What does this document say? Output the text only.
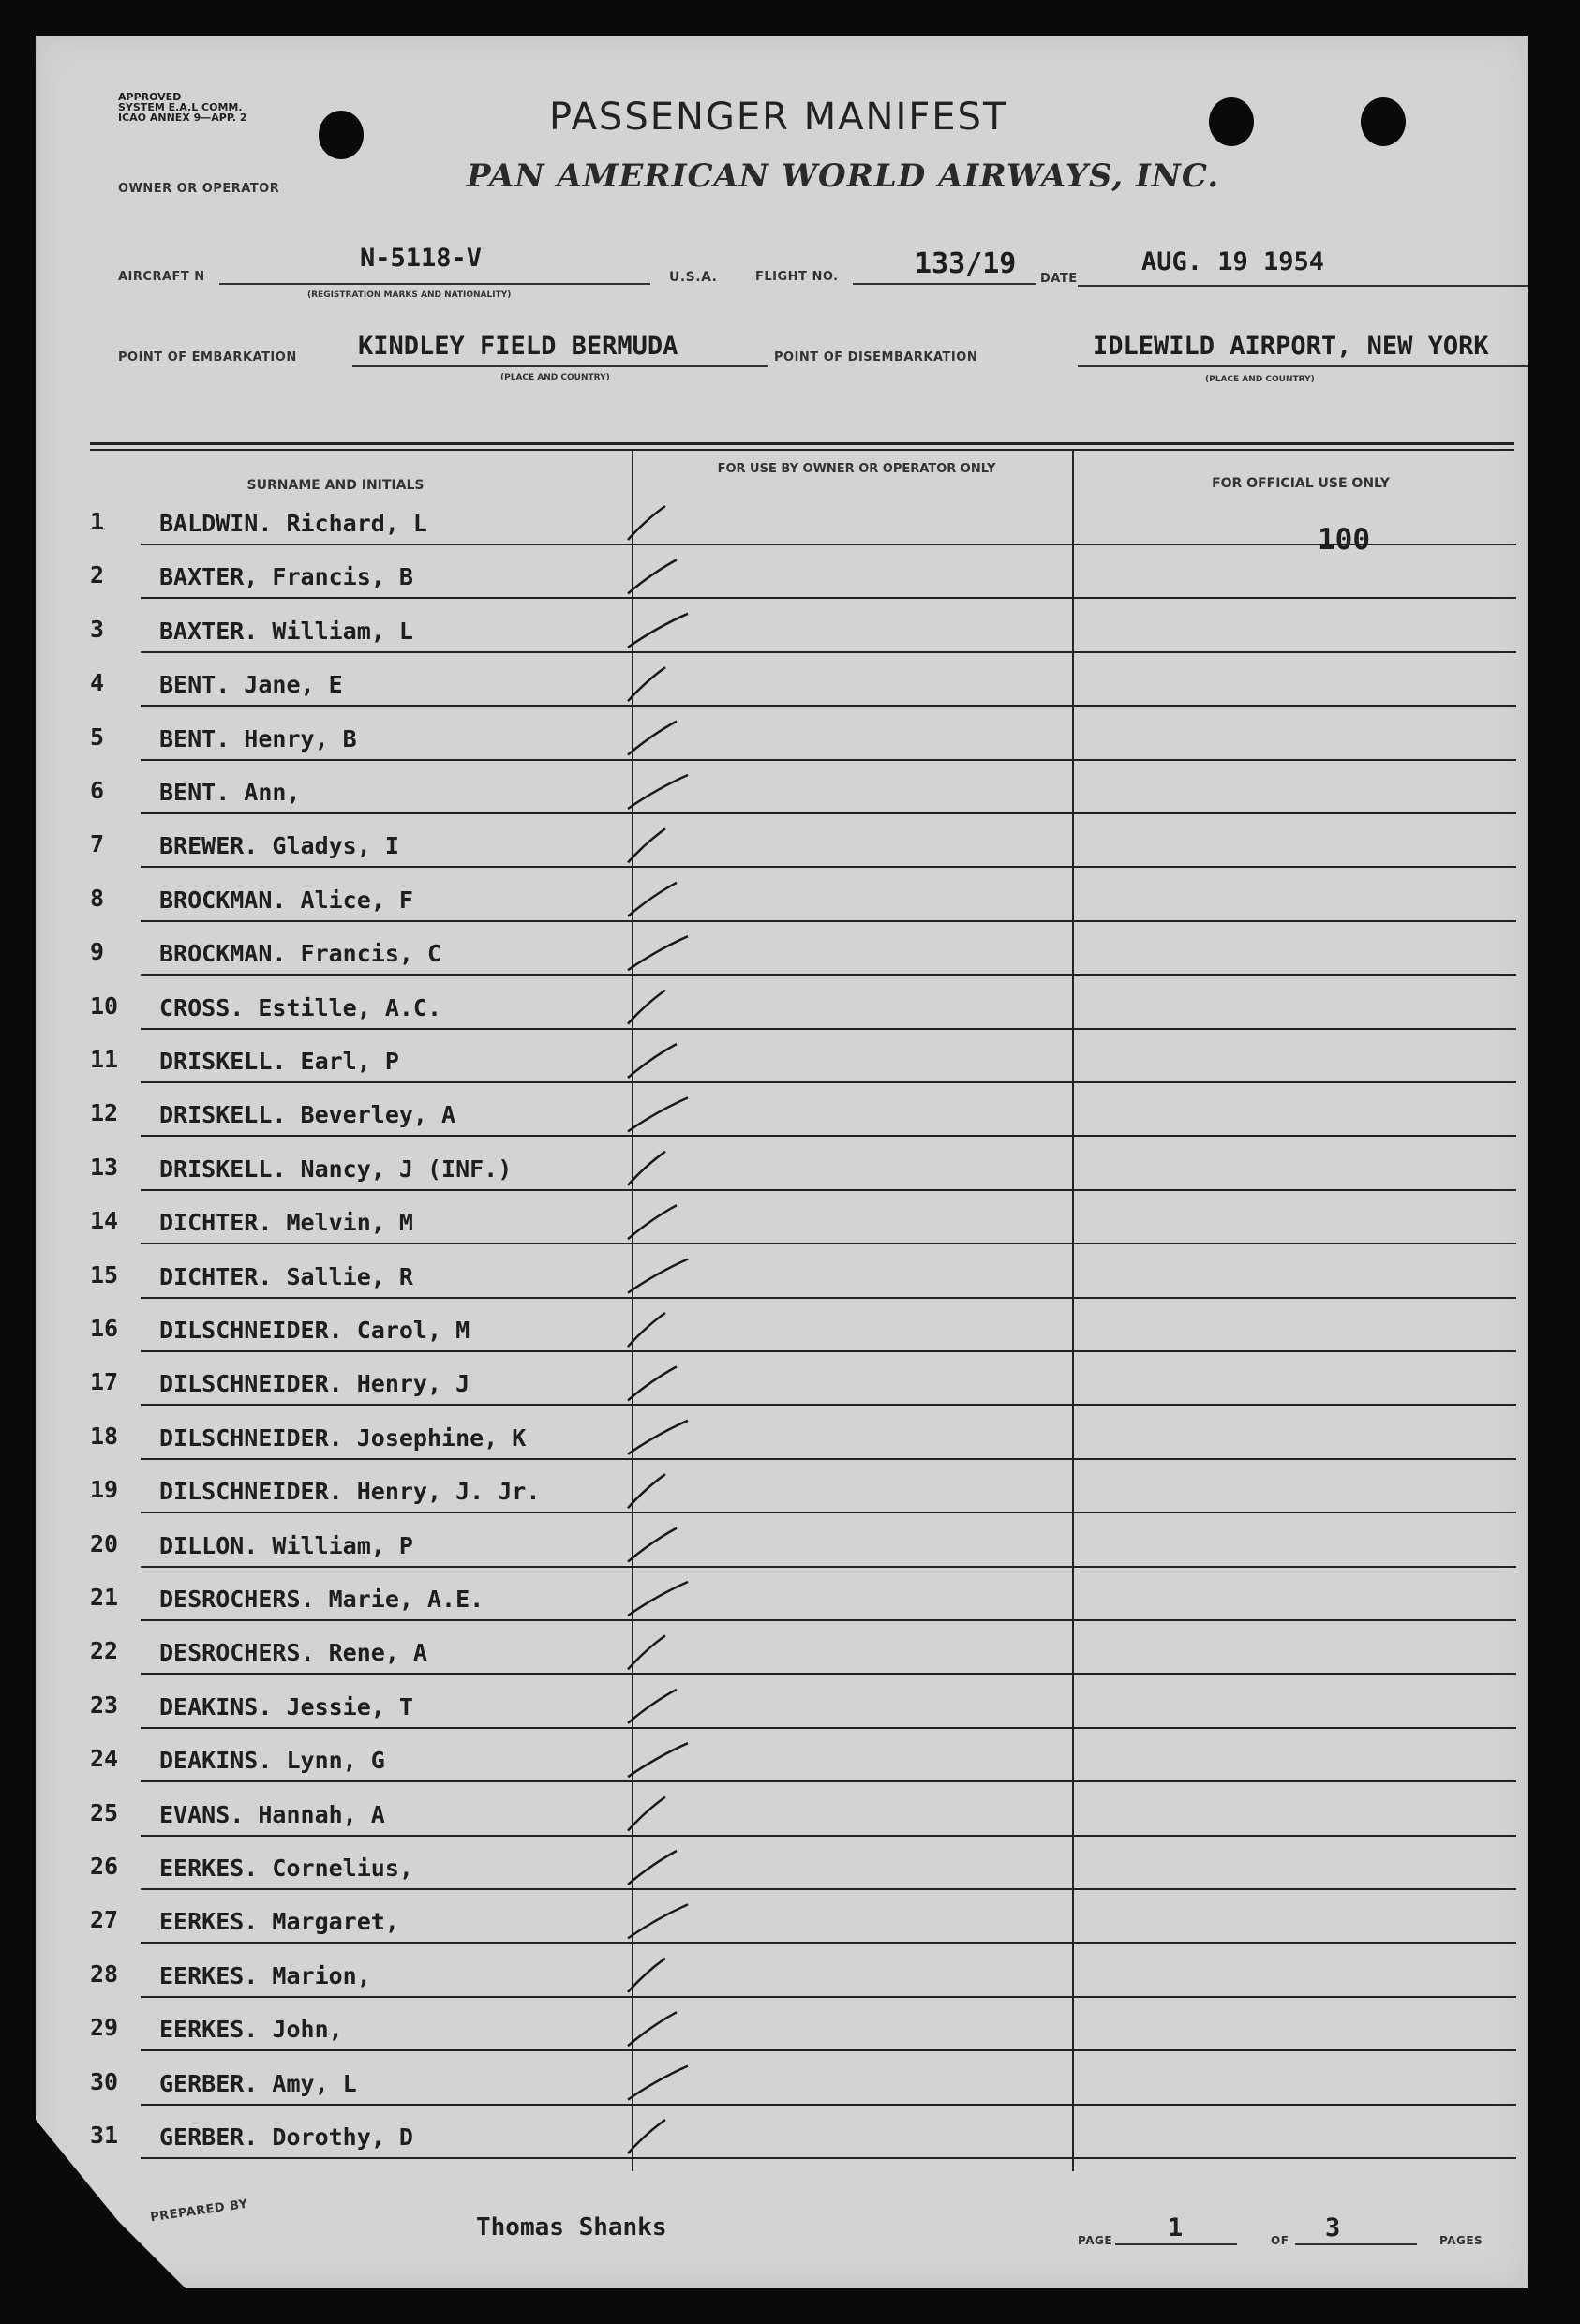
APPROVED
SYSTEM E.A.L COMM.
ICAO ANNEX 9—APP. 2	PASSENGER MANIFEST
OWNER OR OPERATOR	PAN AMERICAN WORLD AIRWAYS, INC.
AIRCRAFT N
N-5118-V
(REGISTRATION MARKS AND NATIONALITY)
U.S.A.	FLIGHT NO.	133/19 DATE
AUG. 19 1954
POINT OF EMBARKATION KINDLEY FIELD BERMUDA
(PLACE AND COUNTRY)
POINT OF DISEMBARKATION	IDLEWILD AIRPORT, NEW YORK
(PLACE AND COUNTRY)
SURNAME AND INITIALS
FOR USE BY OWNER OR OPERATOR ONLY
FOR OFFICIAL USE ONLY
1	BALDWIN. Richard, L
2	BAXTER, Francis, B
3	BAXTER. William, L
4	BENT. Jane, E
5	BENT. Henry, B
6	BENT. Ann,
7	BREWER. Gladys, I
8	BROCKMAN. Alice, F
9	BROCKMAN. Francis, C
10	CROSS. Estille, A.C.
11	DRISKELL. Earl, P
12	DRISKELL. Beverley, A
13	DRISKELL. Nancy, J (INF.)
14	DICHTER. Melvin, M
15	DICHTER. Sallie, R
16	DILSCHNEIDER. Carol, M
17	DILSCHNEIDER. Henry, J
18	DILSCHNEIDER. Josephine, K
19	DILSCHNEIDER. Henry, J. Jr.
20	DILLON. William, P
21	DESROCHERS. Marie, A.E.
22	DESROCHERS. Rene, A
23	DEAKINS. Jessie, T
24	DEAKINS. Lynn, G
25	EVANS. Hannah, A
26	EERKES. Cornelius,
27	EERKES. Margaret,
28	EERKES. Marion,
29	EERKES. John,
30	GERBER. Amy, L
31	GERBER. Dorothy, D
100
PREPARED BY
Thomas Shanks	PAGE 1	OF 3	PAGES
